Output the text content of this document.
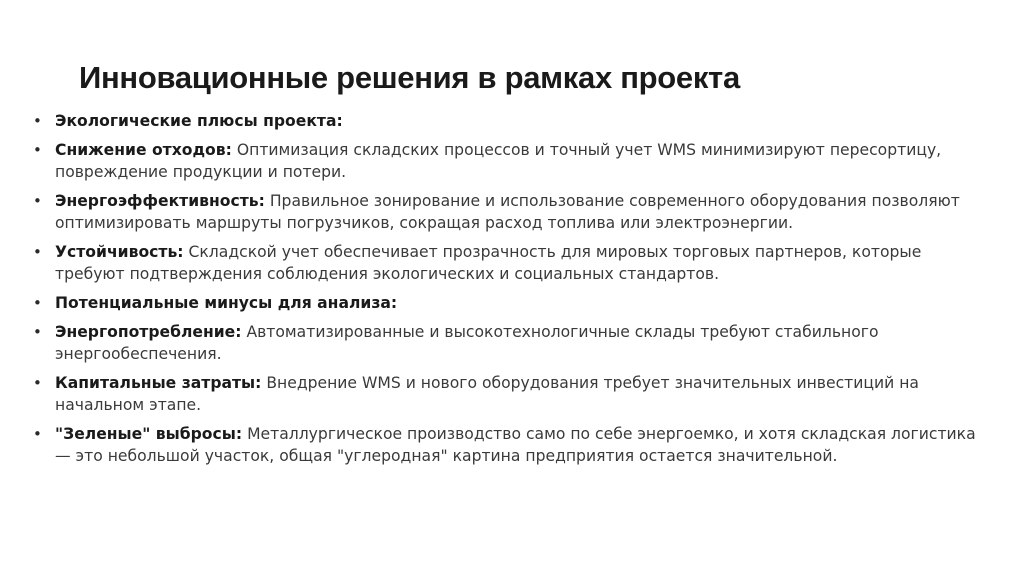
Инновационные решения в рамках проекта
• Экологические плюсы проекта:
• Снижение отходов: Оптимизация складских процессов и точный учет WMS минимизируют пересортицу, повреждение продукции и потери.
• Энергоэффективность: Правильное зонирование и использование современного оборудования позволяют оптимизировать маршруты погрузчиков, сокращая расход топлива или электроэнергии.
• Устойчивость: Складской учет обеспечивает прозрачность для мировых торговых партнеров, которые требуют подтверждения соблюдения экологических и социальных стандартов.
• Потенциальные минусы для анализа:
• Энергопотребление: Автоматизированные и высокотехнологичные склады требуют стабильного энергообеспечения.
• Капитальные затраты: Внедрение WMS и нового оборудования требует значительных инвестиций на начальном этапе.
• "Зеленые" выбросы: Металлургическое производство само по себе энергоемко, и хотя складская логистика — это небольшой участок, общая "углеродная" картина предприятия остается значительной.
